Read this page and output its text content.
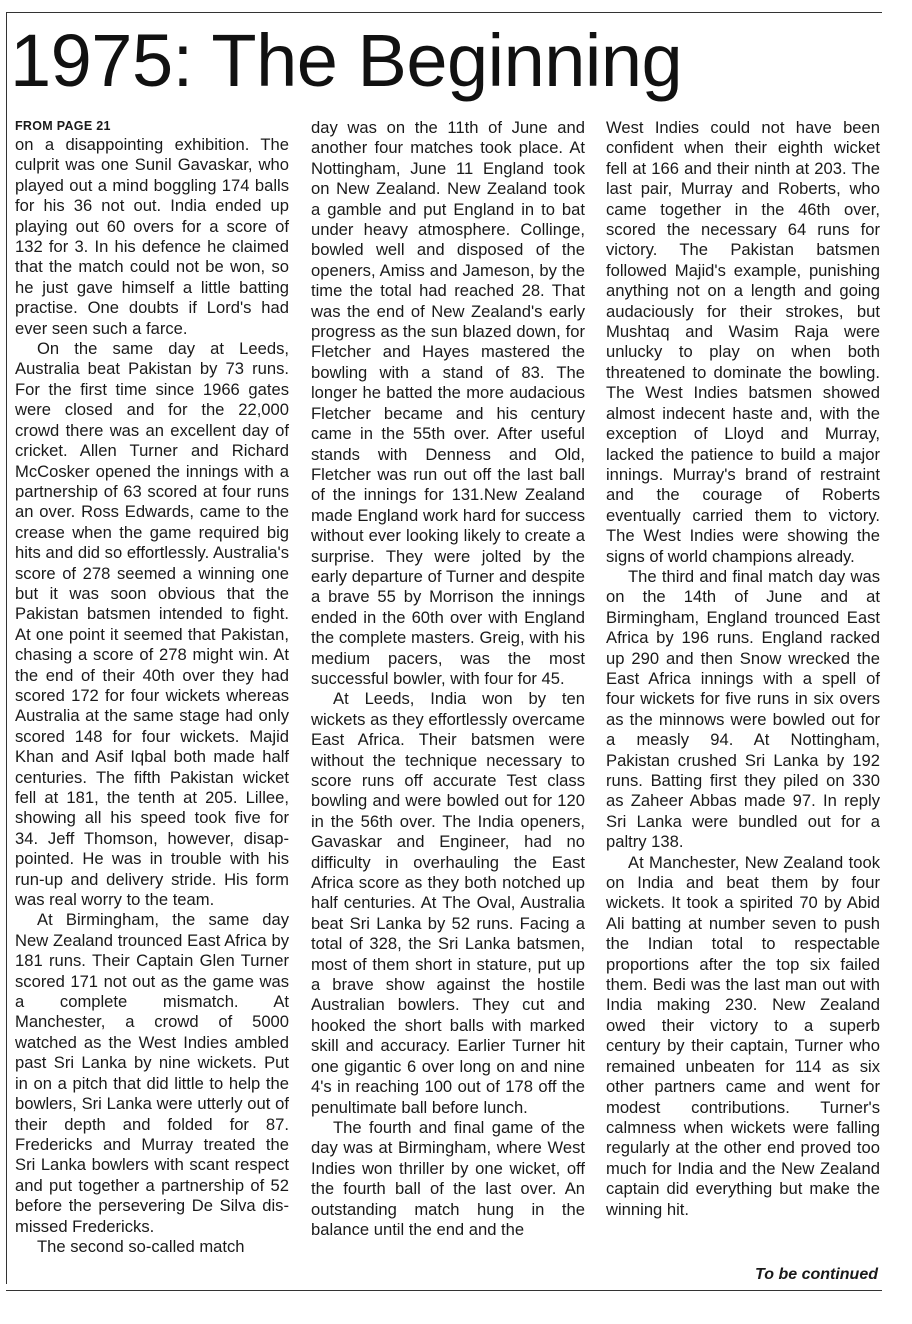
1975: The Beginning
FROM PAGE 21

on a disappointing exhibition. The culprit was one Sunil Gavaskar, who played out a mind boggling 174 balls for his 36 not out. India ended up playing out 60 overs for a score of 132 for 3. In his defence he claimed that the match could not be won, so he just gave himself a little batting practise. One doubts if Lord's had ever seen such a farce.

On the same day at Leeds, Australia beat Pakistan by 73 runs. For the first time since 1966 gates were closed and for the 22,000 crowd there was an excellent day of cricket. Allen Turner and Richard McCosker opened the innings with a partnership of 63 scored at four runs an over. Ross Edwards, came to the crease when the game required big hits and did so effortlessly. Australia's score of 278 seemed a winning one but it was soon obvious that the Pakistan batsmen intended to fight. At one point it seemed that Pakistan, chasing a score of 278 might win. At the end of their 40th over they had scored 172 for four wickets whereas Australia at the same stage had only scored 148 for four wickets. Majid Khan and Asif Iqbal both made half centuries. The fifth Pakistan wicket fell at 181, the tenth at 205. Lillee, showing all his speed took five for 34. Jeff Thomson, however, disappointed. He was in trouble with his run-up and delivery stride. His form was real worry to the team.

At Birmingham, the same day New Zealand trounced East Africa by 181 runs. Their Captain Glen Turner scored 171 not out as the game was a complete mismatch. At Manchester, a crowd of 5000 watched as the West Indies ambled past Sri Lanka by nine wickets. Put in on a pitch that did little to help the bowlers, Sri Lanka were utterly out of their depth and folded for 87. Fredericks and Murray treated the Sri Lanka bowlers with scant respect and put together a partnership of 52 before the persevering De Silva dismissed Fredericks.

The second so-called match

day was on the 11th of June and another four matches took place. At Nottingham, June 11 England took on New Zealand. New Zealand took a gamble and put England in to bat under heavy atmosphere. Collinge, bowled well and disposed of the openers, Amiss and Jameson, by the time the total had reached 28. That was the end of New Zealand's early progress as the sun blazed down, for Fletcher and Hayes mastered the bowling with a stand of 83. The longer he batted the more audacious Fletcher became and his century came in the 55th over. After useful stands with Denness and Old, Fletcher was run out off the last ball of the innings for 131.New Zealand made England work hard for success without ever looking likely to create a surprise. They were jolted by the early departure of Turner and despite a brave 55 by Morrison the innings ended in the 60th over with England the complete masters. Greig, with his medium pacers, was the most successful bowler, with four for 45.

At Leeds, India won by ten wickets as they effortlessly overcame East Africa. Their batsmen were without the technique necessary to score runs off accurate Test class bowling and were bowled out for 120 in the 56th over. The India openers, Gavaskar and Engineer, had no difficulty in overhauling the East Africa score as they both notched up half centuries. At The Oval, Australia beat Sri Lanka by 52 runs. Facing a total of 328, the Sri Lanka batsmen, most of them short in stature, put up a brave show against the hostile Australian bowlers. They cut and hooked the short balls with marked skill and accuracy. Earlier Turner hit one gigantic 6 over long on and nine 4's in reaching 100 out of 178 off the penultimate ball before lunch.

The fourth and final game of the day was at Birmingham, where West Indies won thriller by one wicket, off the fourth ball of the last over. An outstanding match hung in the balance until the end and the

West Indies could not have been confident when their eighth wicket fell at 166 and their ninth at 203. The last pair, Murray and Roberts, who came together in the 46th over, scored the necessary 64 runs for victory. The Pakistan batsmen followed Majid's example, punishing anything not on a length and going audaciously for their strokes, but Mushtaq and Wasim Raja were unlucky to play on when both threatened to dominate the bowling. The West Indies batsmen showed almost indecent haste and, with the exception of Lloyd and Murray, lacked the patience to build a major innings. Murray's brand of restraint and the courage of Roberts eventually carried them to victory. The West Indies were showing the signs of world champions already.

The third and final match day was on the 14th of June and at Birmingham, England trounced East Africa by 196 runs. England racked up 290 and then Snow wrecked the East Africa innings with a spell of four wickets for five runs in six overs as the minnows were bowled out for a measly 94. At Nottingham, Pakistan crushed Sri Lanka by 192 runs. Batting first they piled on 330 as Zaheer Abbas made 97. In reply Sri Lanka were bundled out for a paltry 138.

At Manchester, New Zealand took on India and beat them by four wickets. It took a spirited 70 by Abid Ali batting at number seven to push the Indian total to respectable proportions after the top six failed them. Bedi was the last man out with India making 230. New Zealand owed their victory to a superb century by their captain, Turner who remained unbeaten for 114 as six other partners came and went for modest contributions. Turner's calmness when wickets were falling regularly at the other end proved too much for India and the New Zealand captain did everything but make the winning hit.

To be continued
